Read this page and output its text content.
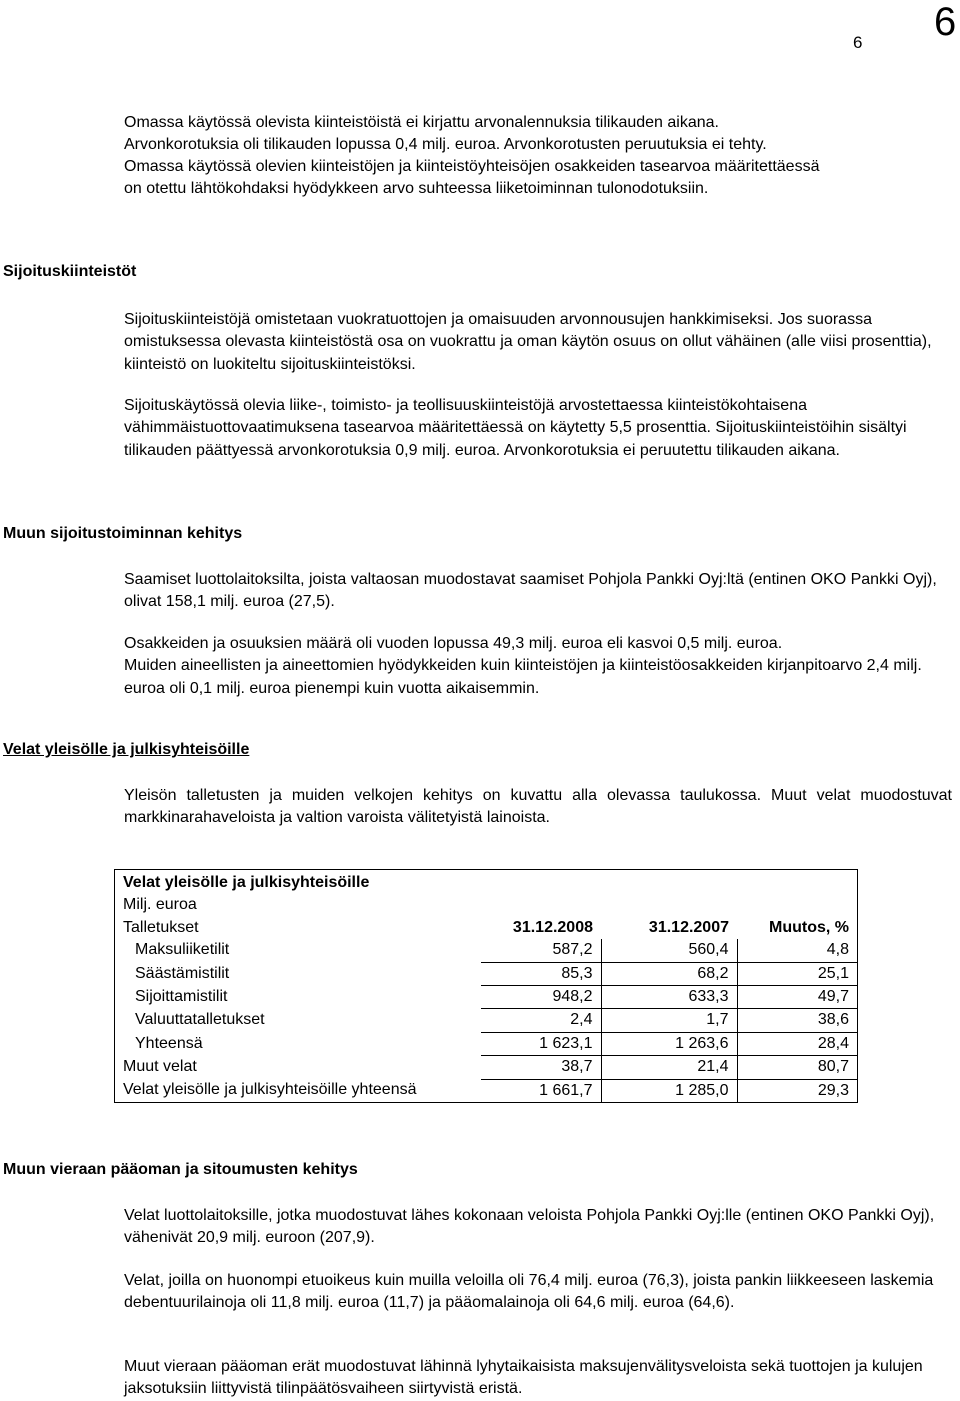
6 6
Omassa käytössä olevista kiinteistöistä ei kirjattu arvonalennuksia tilikauden aikana.
Arvonkorotuksia oli tilikauden lopussa 0,4 milj. euroa. Arvonkorotusten peruutuksia ei tehty.
Omassa käytössä olevien kiinteistöjen ja kiinteistöyhteisöjen osakkeiden tasearvoa määritettäessä
on otettu lähtökohdaksi hyödykkeen arvo suhteessa liiketoiminnan tulonodotuksiin.
Sijoituskiinteistöt

Sijoituskiinteistöjä omistetaan vuokratuottojen ja omaisuuden arvonnousujen hankkimiseksi. Jos suorassa omistuksessa olevasta kiinteistöstä osa on vuokrattu ja oman käytön osuus on ollut vähäinen (alle viisi prosenttia), kiinteistö on luokiteltu sijoituskiinteistöksi.

Sijoituskäytössä olevia liike-, toimisto- ja teollisuuskiinteistöjä arvostettaessa kiinteistökohtaisena vähimmäistuottovaatimuksena tasearvoa määritettäessä on käytetty 5,5 prosenttia. Sijoituskiinteistöihin sisältyi tilikauden päättyessä arvonkorotuksia 0,9 milj. euroa. Arvonkorotuksia ei peruutettu tilikauden aikana.

Muun sijoitustoiminnan kehitys

Saamiset luottolaitoksilta, joista valtaosan muodostavat saamiset Pohjola Pankki Oyj:ltä (entinen OKO Pankki Oyj), olivat 158,1 milj. euroa (27,5).

Osakkeiden ja osuuksien määrä oli vuoden lopussa 49,3 milj. euroa eli kasvoi 0,5 milj. euroa.
Muiden aineellisten ja aineettomien hyödykkeiden kuin kiinteistöjen ja kiinteistöosakkeiden kirjanpitoarvo 2,4 milj. euroa oli 0,1 milj. euroa pienempi kuin vuotta aikaisemmin.
Velat yleisölle ja julkisyhteisöille

Yleisön talletusten ja muiden velkojen kehitys on kuvattu alla olevassa taulukossa. Muut velat muodostuvat markkinarahaveloista ja valtion varoista välitetyistä lainoista.

Velat yleisölle ja julkisyhteisöille			
Milj. euroa			
Talletukset	31.12.2008	31.12.2007	Muutos, %
Maksuliiketilit	587,2	560,4	4,8
Säästämistilit	85,3	68,2	25,1
Sijoittamistilit	948,2	633,3	49,7
Valuuttatalletukset	2,4	1,7	38,6
Yhteensä	1 623,1	1 263,6	28,4
Muut velat	38,7	21,4	80,7
Velat yleisölle ja julkisyhteisöille yhteensä	1 661,7	1 285,0	29,3
Muun vieraan pääoman ja sitoumusten kehitys

Velat luottolaitoksille, jotka muodostuvat lähes kokonaan veloista Pohjola Pankki Oyj:lle (entinen OKO Pankki Oyj), vähenivät 20,9 milj. euroon (207,9).

Velat, joilla on huonompi etuoikeus kuin muilla veloilla oli 76,4 milj. euroa (76,3), joista pankin liikkeeseen laskemia debentuurilainoja oli 11,8 milj. euroa (11,7) ja pääomalainoja oli 64,6 milj. euroa (64,6).

Muut vieraan pääoman erät muodostuvat lähinnä lyhytaikaisista maksujenvälitysveloista sekä tuottojen ja kulujen jaksotuksiin liittyvistä tilinpäätösvaiheen siirtyvistä eristä.
